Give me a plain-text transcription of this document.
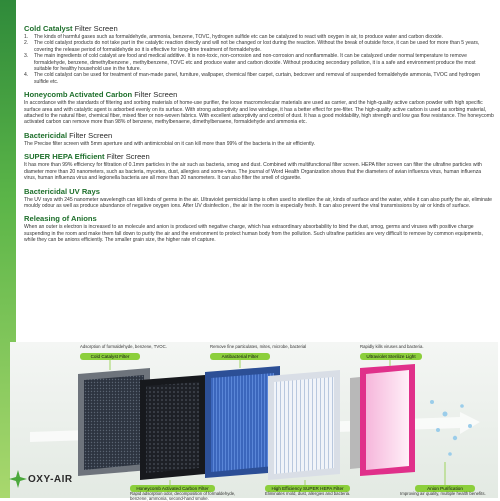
Cold Catalyst Filter Screen
1.	The kinds of harmful gases such as formaldehyde, ammonia, benzene, TOVC, hydrogen sulfide etc can be catalyzed to react with oxygen in air, to produce water and carbon dioxide.
2.	The cold catalyst products do not take part in the catalytic reaction directly and will not be changed or lost during the reaction. Without the break of outside force, it can be used for more than 5 years, covering the release period of formaldehyde so it is effective for long-time treatment of formaldehyde.
3.	The main ingredients of cold catalyst are food and medical additive. It is non-toxic, non-corrosion and non-corrosion and nonflammable. It can be catalyzed under normal temperature to remove formaldehyde, benzene, dimethylbenzene , methylbenzene, TOVC etc and produce water and carbon dioxide. Without producing secondary pollution, it is a safe and environment produce the most suitable for healthy household use in the future.
4.	The cold catalyst can be used for treatment of man-made panel, furniture, wallpaper, chemical fiber carpet, curtain, bedcover and removal of suspended formaldehyde ammonia, TVOC and hydrogen sulfide etc.
Honeycomb Activated Carbon Filter Screen

In accordance with the standards of filtering and sorbing materials of home-use purifier, the loose macromolecular materials are used as carrier, and the high-quality active carbon powder with high specific surface area and with catalytic agent is adsorbed evenly on its surface. With strong adsorptivity and low windage, it has a better effect for pre-filter. The high-quality active carbon is used as sorbing material, attached to the natural fiber, chemical fiber, mixed fiber or non-woven fabrics. With excellent adsorptivity and control of dust. It has a good moldability, high strength and low gas flow resistance. The honeycomb activated carbon can remove more than 98% of benzene, methylbenaene, dimethylbenaene, formaldehyde and ammonia etc.

Bactericidal Filter Screen

The Precise filter screen with 5mm aperture and with antimicrobial on it can kill more than 99% of the bacteria in the air efficiently.

SUPER HEPA Efficient Filter Screen

It has more than 99% efficiency for filtration of 0.1mm particles in the air such as bacteria, smog and dust. Combined with multifunctional filter screen. HEPA filter screen can filter the ultrafine particles with diameter more than 20 nanometers, such as bacteria, mycetes, dust, allergies and some-virus. The journal of Word Health Organization shows that the diameters of avian influenza virus, human influenza virus, human influenza virus and legionella bacteria are all more than 20 nanometers. It can also filter the smell of cigarette.

Bactericidal UV Rays

The UV rays with 245 nanometer wavelength can kill kinds of germs in the air. Ultraviolet germicidal lamp is often used to sterilize the air, kinds of surface and the water, while it can also purify the air, eliminate mouldy odour as well as produce abundance of negative oxygen ions. After UV disinfection , the air in the room is especially fresh. It can also prevent the viral transmissions by air or kinds of surface.

Releasing of Anions

When an outer is electron is increased to an molecule and anion is produced with negative charge, which has extraordinary absorbability to bind the dust, smog, germs and viruses with positive charge suspending in the room and make them fall down to purity the air and the environment to protect human body from the pollution. Such ultrafine particles are very difficult to remove by common equipments, while they can be anions efficiently. The smaller grain size, the higher rate of capture.

Adsorption of formaldehyde, benzene, TVOC.	Remove fine particulates, mites, microbe, bacterial	Rapidly kills viruses and bacteria.
Cold Catalyst Filter	Antibacterial Filter	Ultraviolet Sterilize Light
Honeycomb Activated Carbon Filter	High Efficiency SUPER HEPA Filter	Anion Purification
Rapid adsorption odor, decomposition of formaldehyde, benzene, ammonia, second-hand smoke.
Eliminates mold, dust, allergies and bacteria.	Improving air quality, multiple health benefits.
OXY-AIR
